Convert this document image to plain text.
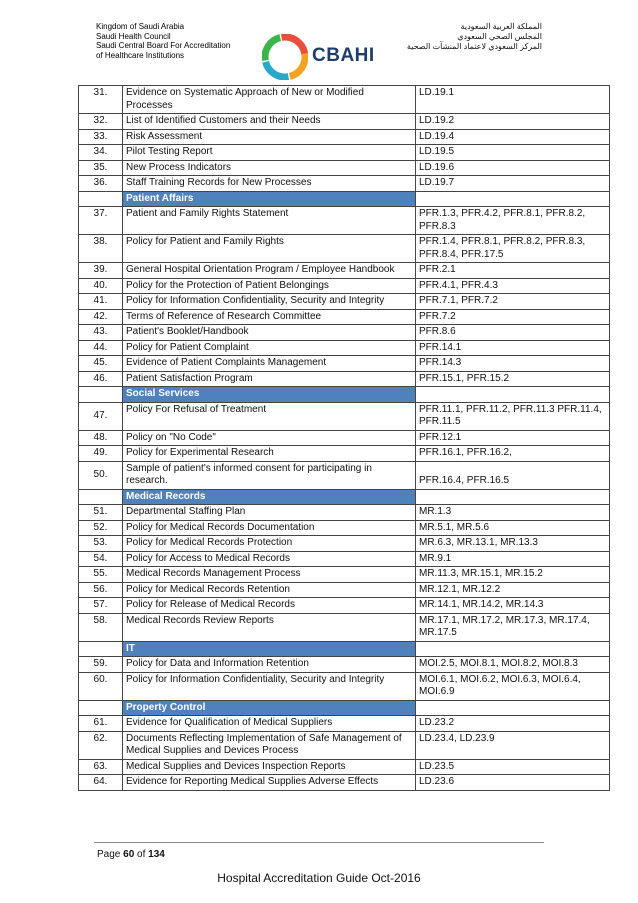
Kingdom of Saudi Arabia
Saudi Health Council
Saudi Central Board For Accreditation
of Healthcare Institutions	CBAHI
المملكة العربية السعودية
المجلس الصحي السعودي
المركز السعودي لاعتماد المنشآت الصحية
31.	Evidence on Systematic Approach of New or Modified Processes	LD.19.1
32.	List of Identified Customers and their Needs	LD.19.2
33.	Risk Assessment	LD.19.4
34.	Pilot Testing Report	LD.19.5
35.	New Process Indicators	LD.19.6
36.	Staff Training Records for New Processes	LD.19.7
	Patient Affairs	
37.	Patient and Family Rights Statement	PFR.1.3, PFR.4.2, PFR.8.1, PFR.8.2, PFR.8.3
38.	Policy for Patient and Family Rights	PFR.1.4, PFR.8.1, PFR.8.2, PFR.8.3, PFR.8.4, PFR.17.5
39.	General Hospital Orientation Program / Employee Handbook	PFR.2.1
40.	Policy for the Protection of Patient Belongings	PFR.4.1, PFR.4.3
41.	Policy for Information Confidentiality, Security and Integrity	PFR.7.1, PFR.7.2
42.	Terms of Reference of Research Committee	PFR.7.2
43.	Patient's Booklet/Handbook	PFR.8.6
44.	Policy for Patient Complaint	PFR.14.1
45.	Evidence of Patient Complaints Management	PFR.14.3
46.	Patient Satisfaction Program	PFR.15.1, PFR.15.2
	Social Services	
47.	Policy For Refusal of Treatment	PFR.11.1, PFR.11.2, PFR.11.3 PFR.11.4, PFR.11.5
48.	Policy on "No Code"	PFR.12.1
49.	Policy for Experimental Research	PFR.16.1, PFR.16.2,
50.	Sample of patient's informed consent for participating in research.	PFR.16.4, PFR.16.5
	Medical Records	
51.	Departmental Staffing Plan	MR.1.3
52.	Policy for Medical Records Documentation	MR.5.1, MR.5.6
53.	Policy for Medical Records Protection	MR.6.3, MR.13.1, MR.13.3
54.	Policy for Access to Medical Records	MR.9.1
55.	Medical Records Management Process	MR.11.3, MR.15.1, MR.15.2
56.	Policy for Medical Records Retention	MR.12.1, MR.12.2
57.	Policy for Release of Medical Records	MR.14.1, MR.14.2, MR.14.3
58.	Medical Records Review Reports	MR.17.1, MR.17.2, MR.17.3, MR.17.4, MR.17.5
	IT	
59.	Policy for Data and Information Retention	MOI.2.5, MOI.8.1, MOI.8.2, MOI.8.3
60.	Policy for Information Confidentiality, Security and Integrity	MOI.6.1, MOI.6.2, MOI.6.3, MOI.6.4, MOI.6.9
	Property Control	
61.	Evidence for Qualification of Medical Suppliers	LD.23.2
62.	Documents Reflecting Implementation of Safe Management of Medical Supplies and Devices Process	LD.23.4, LD.23.9
63.	Medical Supplies and Devices Inspection Reports	LD.23.5
64.	Evidence for Reporting Medical Supplies Adverse Effects	LD.23.6
Page 60 of 134
Hospital Accreditation Guide Oct-2016
